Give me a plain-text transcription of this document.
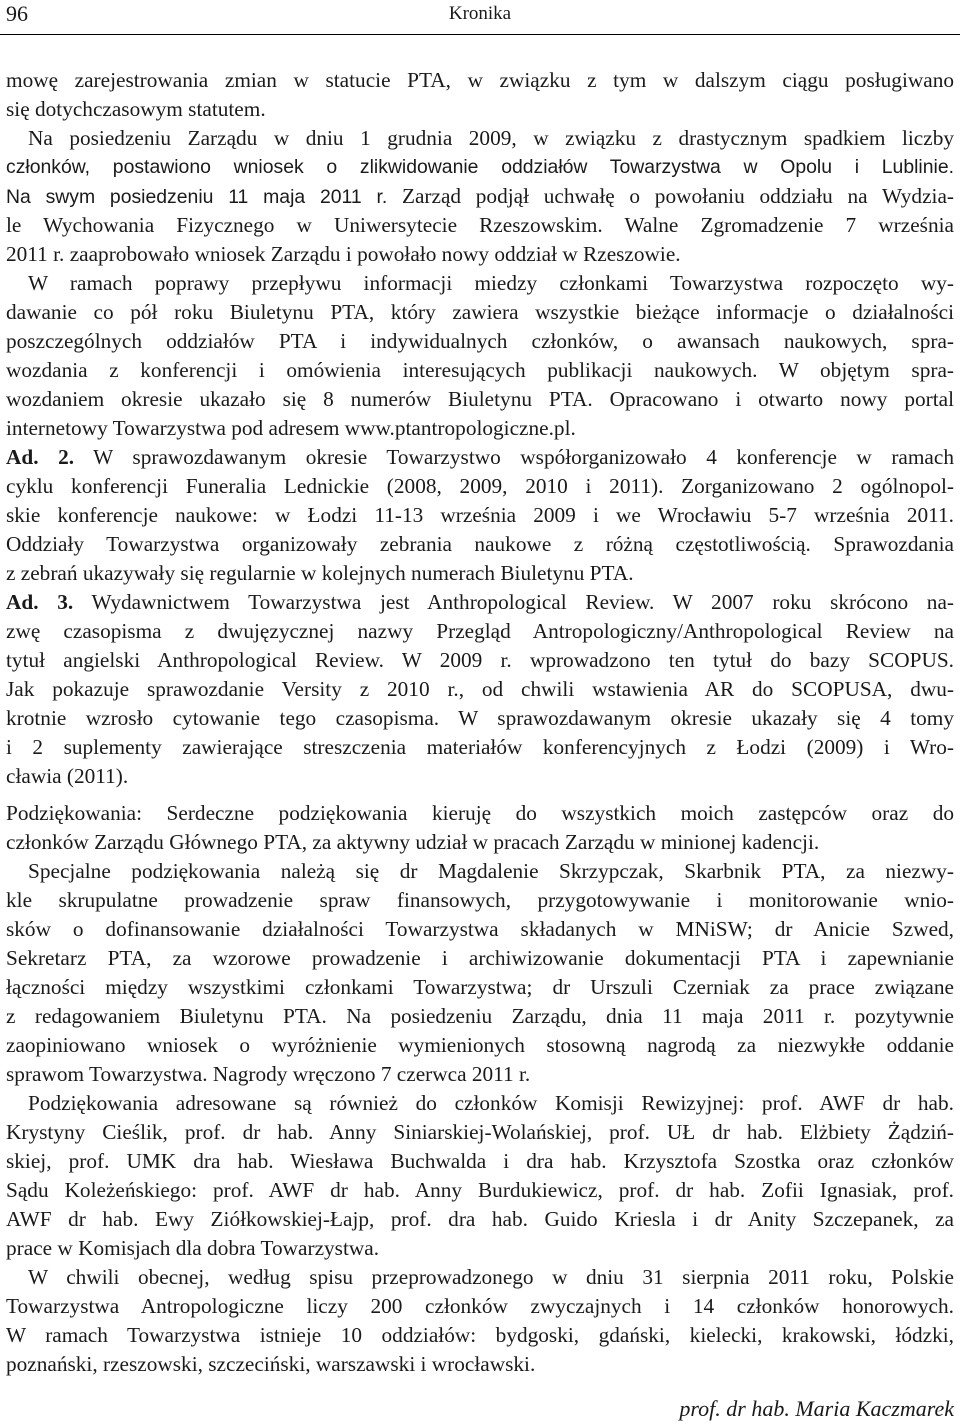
96	Kronika
mowę zarejestrowania zmian w statucie PTA, w związku z tym w dalszym ciągu posługiwano
się dotychczasowym statutem.
Na posiedzeniu Zarządu w dniu 1 grudnia 2009, w związku z drastycznym spadkiem liczby
członków, postawiono wniosek o zlikwidowanie oddziałów Towarzystwa w Opolu i Lublinie.
Na swym posiedzeniu 11 maja 2011 r. Zarząd podjął uchwałę o powołaniu oddziału na Wydzia-
le Wychowania Fizycznego w Uniwersytecie Rzeszowskim. Walne Zgromadzenie 7 września
2011 r. zaaprobowało wniosek Zarządu i powołało nowy oddział w Rzeszowie.
W ramach poprawy przepływu informacji miedzy członkami Towarzystwa rozpoczęto wy-
dawanie co pół roku Biuletynu PTA, który zawiera wszystkie bieżące informacje o działalności
poszczególnych oddziałów PTA i indywidualnych członków, o awansach naukowych, spra-
wozdania z konferencji i omówienia interesujących publikacji naukowych. W objętym spra-
wozdaniem okresie ukazało się 8 numerów Biuletynu PTA. Opracowano i otwarto nowy portal
internetowy Towarzystwa pod adresem www.ptantropologiczne.pl.
Ad. 2. W sprawozdawanym okresie Towarzystwo współorganizowało 4 konferencje w ramach
cyklu konferencji Funeralia Lednickie (2008, 2009, 2010 i 2011). Zorganizowano 2 ogólnopol-
skie konferencje naukowe: w Łodzi 11-13 września 2009 i we Wrocławiu 5-7 września 2011.
Oddziały Towarzystwa organizowały zebrania naukowe z różną częstotliwością. Sprawozdania
z zebrań ukazywały się regularnie w kolejnych numerach Biuletynu PTA.
Ad. 3. Wydawnictwem Towarzystwa jest Anthropological Review. W 2007 roku skrócono na-
zwę czasopisma z dwujęzycznej nazwy Przegląd Antropologiczny/Anthropological Review na
tytuł angielski Anthropological Review. W 2009 r. wprowadzono ten tytuł do bazy SCOPUS.
Jak pokazuje sprawozdanie Versity z 2010 r., od chwili wstawienia AR do SCOPUSA, dwu-
krotnie wzrosło cytowanie tego czasopisma. W sprawozdawanym okresie ukazały się 4 tomy
i 2 suplementy zawierające streszczenia materiałów konferencyjnych z Łodzi (2009) i Wro-
cławia (2011).
Podziękowania: Serdeczne podziękowania kieruję do wszystkich moich zastępców oraz do
członków Zarządu Głównego PTA, za aktywny udział w pracach Zarządu w minionej kadencji.
Specjalne podziękowania należą się dr Magdalenie Skrzypczak, Skarbnik PTA, za niezwy-
kle skrupulatne prowadzenie spraw finansowych, przygotowywanie i monitorowanie wnio-
sków o dofinansowanie działalności Towarzystwa składanych w MNiSW; dr Anicie Szwed,
Sekretarz PTA, za wzorowe prowadzenie i archiwizowanie dokumentacji PTA i zapewnianie
łączności między wszystkimi członkami Towarzystwa; dr Urszuli Czerniak za prace związane
z redagowaniem Biuletynu PTA. Na posiedzeniu Zarządu, dnia 11 maja 2011 r. pozytywnie
zaopiniowano wniosek o wyróżnienie wymienionych stosowną nagrodą za niezwykłe oddanie
sprawom Towarzystwa. Nagrody wręczono 7 czerwca 2011 r.
Podziękowania adresowane są również do członków Komisji Rewizyjnej: prof. AWF dr hab.
Krystyny Cieślik, prof. dr hab. Anny Siniarskiej-Wolańskiej, prof. UŁ dr hab. Elżbiety Żądziń-
skiej, prof. UMK dra hab. Wiesława Buchwalda i dra hab. Krzysztofa Szostka oraz członków
Sądu Koleżeńskiego: prof. AWF dr hab. Anny Burdukiewicz, prof. dr hab. Zofii Ignasiak, prof.
AWF dr hab. Ewy Ziółkowskiej-Łajp, prof. dra hab. Guido Kriesla i dr Anity Szczepanek, za
prace w Komisjach dla dobra Towarzystwa.
W chwili obecnej, według spisu przeprowadzonego w dniu 31 sierpnia 2011 roku, Polskie
Towarzystwa Antropologiczne liczy 200 członków zwyczajnych i 14 członków honorowych.
W ramach Towarzystwa istnieje 10 oddziałów: bydgoski, gdański, kielecki, krakowski, łódzki,
poznański, rzeszowski, szczeciński, warszawski i wrocławski.
prof. dr hab. Maria Kaczmarek
